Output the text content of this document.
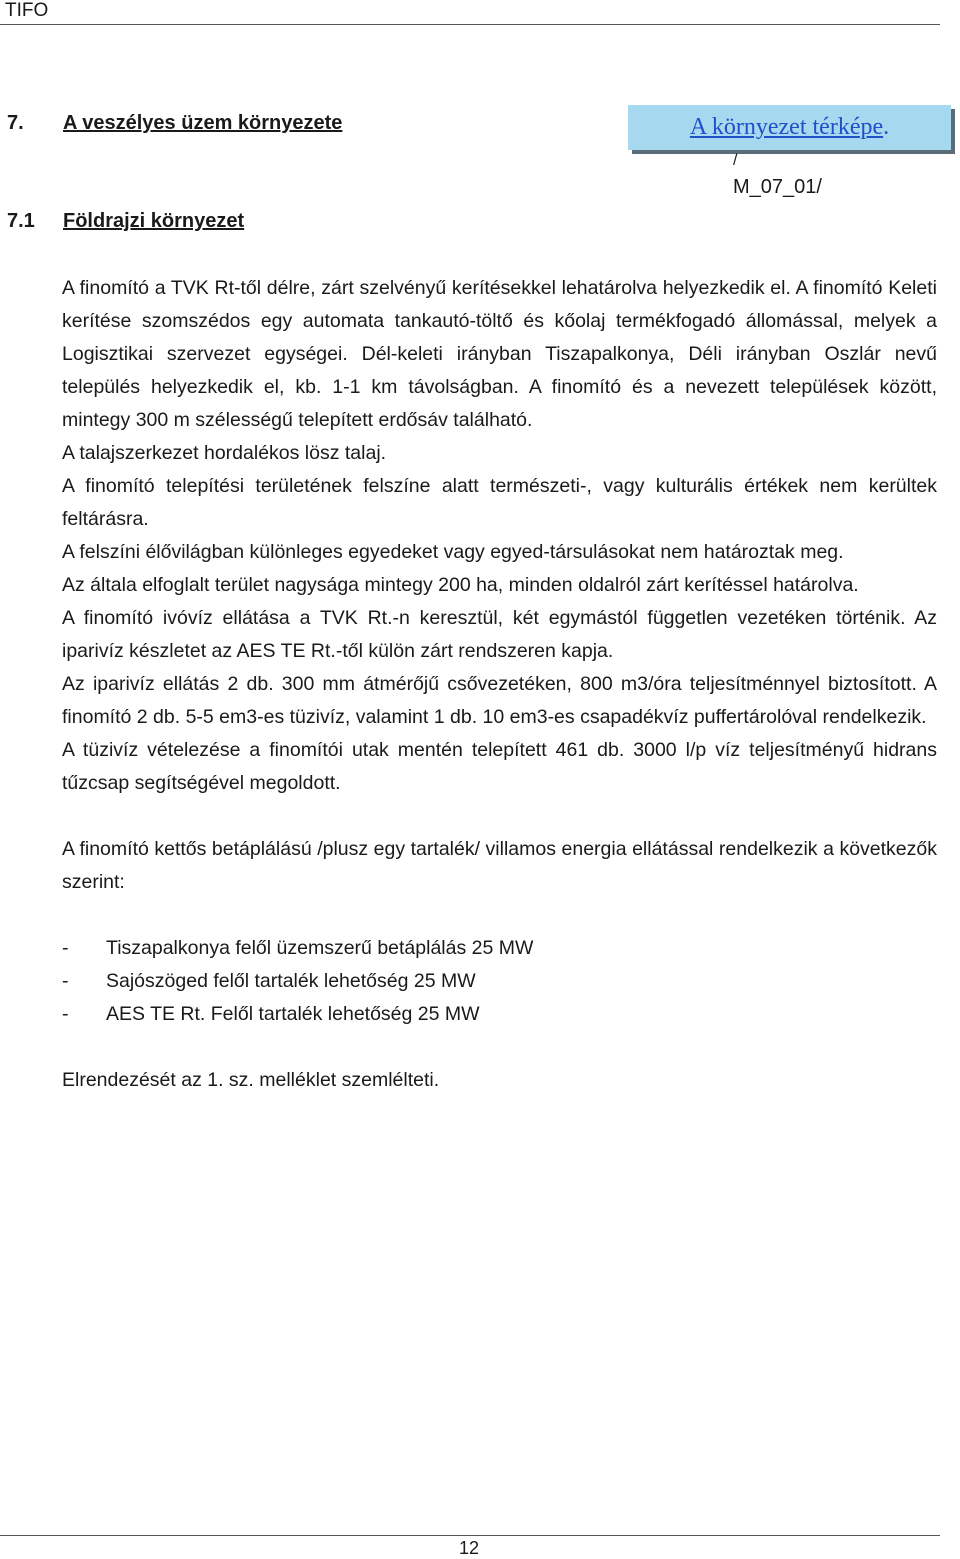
TIFO
7. A veszélyes üzem környezete	A környezet térképe .
/
M_07_01/
7.1 Földrajzi környezet

A finomító a TVK Rt-től délre, zárt szelvényű kerítésekkel lehatárolva helyezkedik el. A finomító Keleti kerítése szomszédos egy automata tankautó-töltő és kőolaj termékfogadó állomással, melyek a Logisztikai szervezet egységei. Dél-keleti irányban Tiszapalkonya, Déli irányban Oszlár nevű település helyezkedik el, kb. 1-1 km távolságban. A finomító és a nevezett települések között, mintegy 300 m szélességű telepített erdősáv található.

A talajszerkezet hordalékos lösz talaj.

A finomító telepítési területének felszíne alatt természeti-, vagy kulturális értékek nem kerültek feltárásra.

A felszíni élővilágban különleges egyedeket vagy egyed-társulásokat nem határoztak meg.

Az általa elfoglalt terület nagysága mintegy 200 ha, minden oldalról zárt kerítéssel határolva.

A finomító ivóvíz ellátása a TVK Rt.-n keresztül, két egymástól független vezetéken történik. Az iparivíz készletet az AES TE Rt.-től külön zárt rendszeren kapja.

Az iparivíz ellátás 2 db. 300 mm átmérőjű csővezetéken, 800 m3/óra teljesítménnyel biztosított. A finomító 2 db. 5-5 em3-es tüzivíz, valamint 1 db. 10 em3-es csapadékvíz puffertárolóval rendelkezik.

A tüzivíz vételezése a finomítói utak mentén telepített 461 db. 3000 l/p víz teljesítményű hidrans tűzcsap segítségével megoldott.

A finomító kettős betáplálású /plusz egy tartalék/ villamos energia ellátással rendelkezik a következők szerint:

- Tiszapalkonya felől üzemszerű betáplálás 25 MW
- Sajószöged felől tartalék lehetőség 25 MW
- AES TE Rt. Felől tartalék lehetőség 25 MW

Elrendezését az 1. sz. melléklet szemlélteti.

12
